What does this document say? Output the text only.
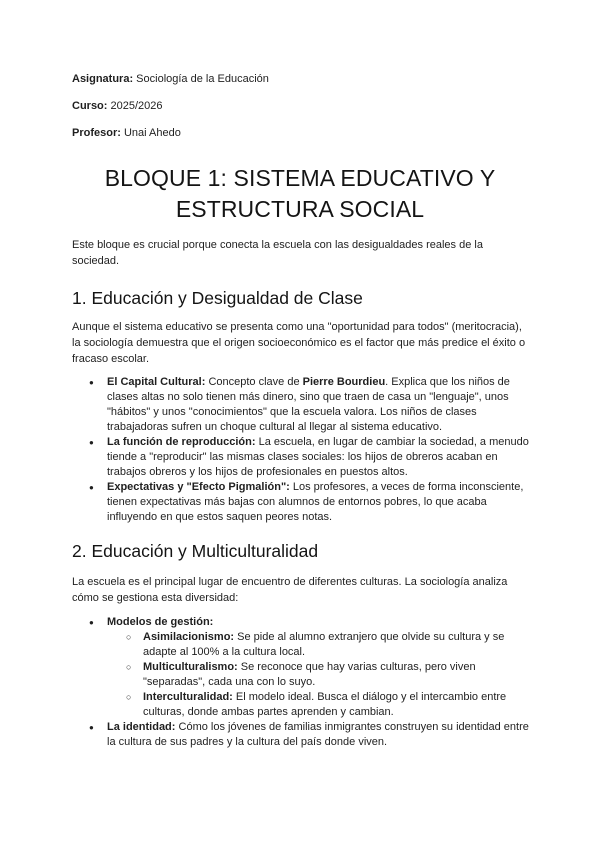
Asignatura: Sociología de la Educación

Curso: 2025/2026

Profesor: Unai Ahedo

BLOQUE 1: SISTEMA EDUCATIVO Y ESTRUCTURA SOCIAL

Este bloque es crucial porque conecta la escuela con las desigualdades reales de la sociedad.

1. Educación y Desigualdad de Clase

Aunque el sistema educativo se presenta como una "oportunidad para todos" (meritocracia), la sociología demuestra que el origen socioeconómico es el factor que más predice el éxito o fracaso escolar.

● El Capital Cultural: Concepto clave de Pierre Bourdieu. Explica que los niños de clases altas no solo tienen más dinero, sino que traen de casa un "lenguaje", unos "hábitos" y unos "conocimientos" que la escuela valora. Los niños de clases trabajadoras sufren un choque cultural al llegar al sistema educativo.
● La función de reproducción: La escuela, en lugar de cambiar la sociedad, a menudo tiende a "reproducir" las mismas clases sociales: los hijos de obreros acaban en trabajos obreros y los hijos de profesionales en puestos altos.
● Expectativas y "Efecto Pigmalión": Los profesores, a veces de forma inconsciente, tienen expectativas más bajas con alumnos de entornos pobres, lo que acaba influyendo en que estos saquen peores notas.
2. Educación y Multiculturalidad

La escuela es el principal lugar de encuentro de diferentes culturas. La sociología analiza cómo se gestiona esta diversidad:

● Modelos de gestión:
○ Asimilacionismo: Se pide al alumno extranjero que olvide su cultura y se adapte al 100% a la cultura local.
○ Multiculturalismo: Se reconoce que hay varias culturas, pero viven "separadas", cada una con lo suyo.
○ Interculturalidad: El modelo ideal. Busca el diálogo y el intercambio entre culturas, donde ambas partes aprenden y cambian.
● La identidad: Cómo los jóvenes de familias inmigrantes construyen su identidad entre la cultura de sus padres y la cultura del país donde viven.
